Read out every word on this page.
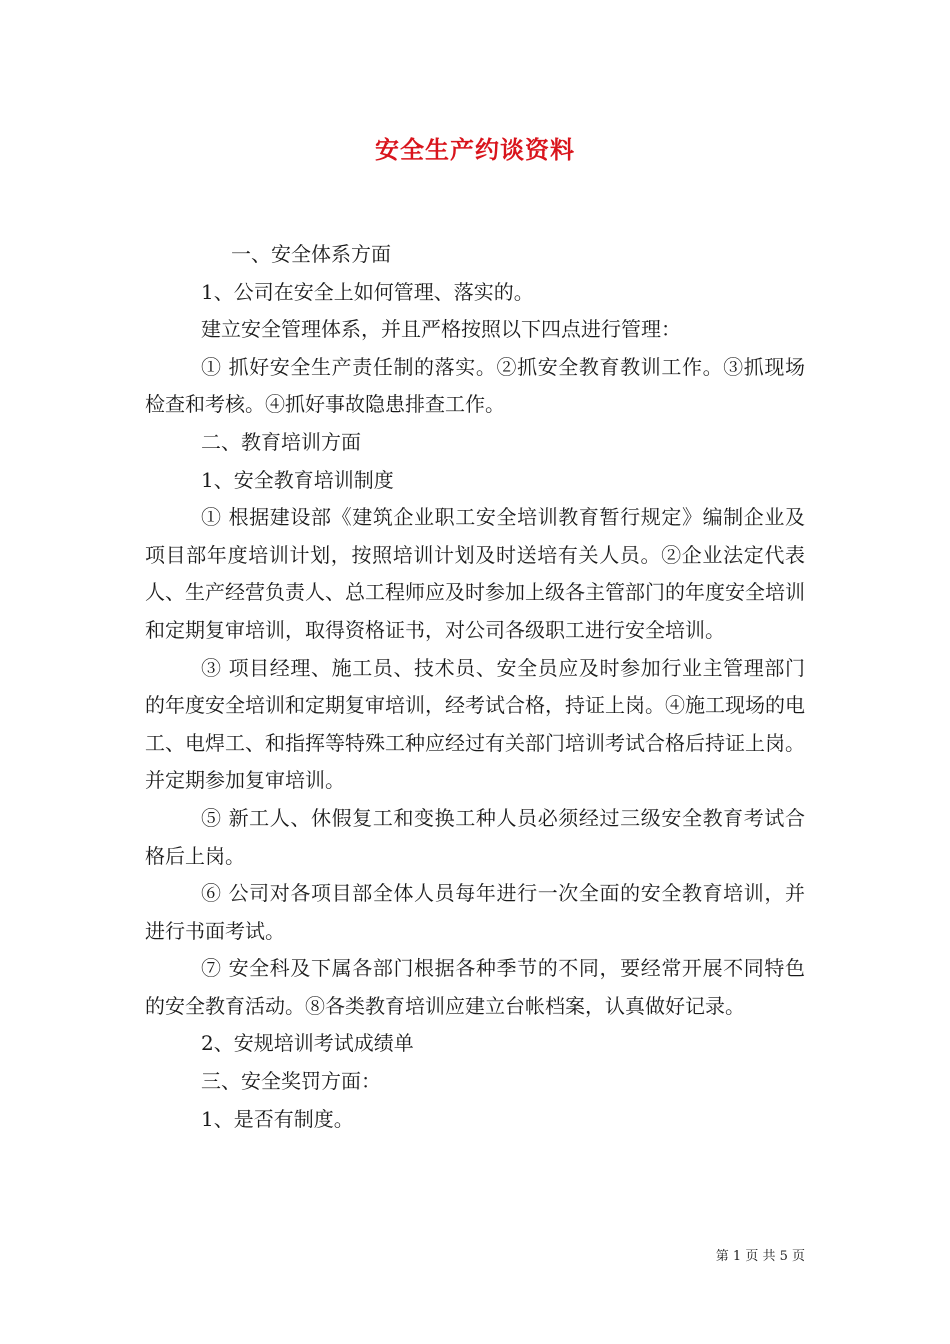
安全生产约谈资料

一、安全体系方面

1、公司在安全上如何管理、落实的。

建立安全管理体系，并且严格按照以下四点进行管理：

① 抓好安全生产责任制的落实。②抓安全教育教训工作。③抓现场检查和考核。④抓好事故隐患排查工作。

二、教育培训方面

1、安全教育培训制度

① 根据建设部《建筑企业职工安全培训教育暂行规定》编制企业及项目部年度培训计划，按照培训计划及时送培有关人员。②企业法定代表人、生产经营负责人、总工程师应及时参加上级各主管部门的年度安全培训和定期复审培训，取得资格证书，对公司各级职工进行安全培训。

③ 项目经理、施工员、技术员、安全员应及时参加行业主管理部门的年度安全培训和定期复审培训，经考试合格，持证上岗。④施工现场的电工、电焊工、和指挥等特殊工种应经过有关部门培训考试合格后持证上岗。并定期参加复审培训。

⑤ 新工人、休假复工和变换工种人员必须经过三级安全教育考试合格后上岗。

⑥ 公司对各项目部全体人员每年进行一次全面的安全教育培训，并进行书面考试。

⑦ 安全科及下属各部门根据各种季节的不同，要经常开展不同特色的安全教育活动。⑧各类教育培训应建立台帐档案，认真做好记录。

2、安规培训考试成绩单

三、安全奖罚方面：

1、是否有制度。

第 1 页 共 5 页
